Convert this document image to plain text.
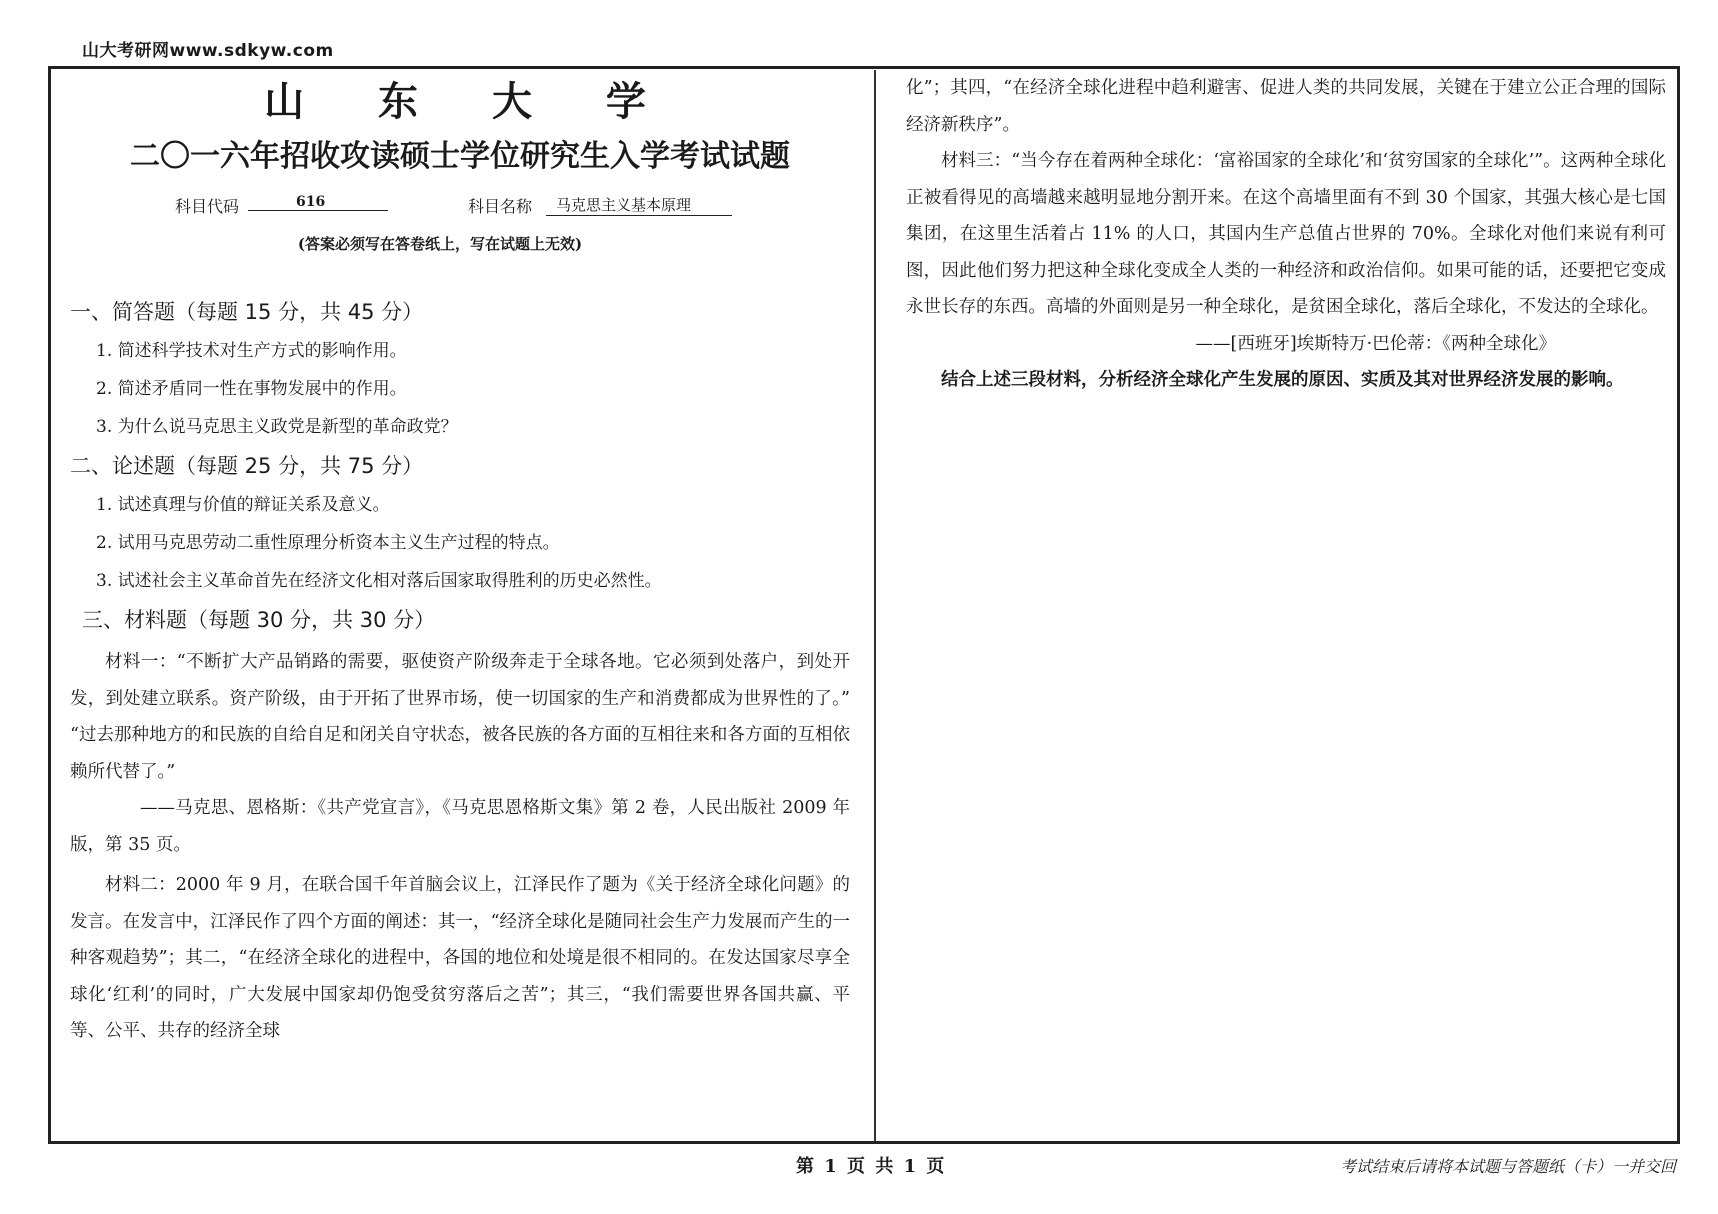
山大考研网www.sdkyw.com
山 东 大 学
二〇一六年招收攻读硕士学位研究生入学考试试题
科目代码	616	科目名称	马克思主义基本原理
(答案必须写在答卷纸上，写在试题上无效)
一、简答题（每题 15 分，共 45 分）
1. 简述科学技术对生产方式的影响作用。
2. 简述矛盾同一性在事物发展中的作用。
3. 为什么说马克思主义政党是新型的革命政党？
二、论述题（每题 25 分，共 75 分）
1. 试述真理与价值的辩证关系及意义。
2. 试用马克思劳动二重性原理分析资本主义生产过程的特点。
3. 试述社会主义革命首先在经济文化相对落后国家取得胜利的历史必然性。
三、材料题（每题 30 分，共 30 分）

材料一：“不断扩大产品销路的需要，驱使资产阶级奔走于全球各地。它必须到处落户，到处开发，到处建立联系。资产阶级，由于开拓了世界市场，使一切国家的生产和消费都成为世界性的了。” “过去那种地方的和民族的自给自足和闭关自守状态，被各民族的各方面的互相往来和各方面的互相依赖所代替了。”

——马克思、恩格斯：《共产党宣言》，《马克思恩格斯文集》第 2 卷，人民出版社 2009 年版，第 35 页。

材料二：2000 年 9 月，在联合国千年首脑会议上，江泽民作了题为《关于经济全球化问题》的发言。在发言中，江泽民作了四个方面的阐述：其一，“经济全球化是随同社会生产力发展而产生的一种客观趋势”；其二，“在经济全球化的进程中，各国的地位和处境是很不相同的。在发达国家尽享全球化‘红利’的同时，广大发展中国家却仍饱受贫穷落后之苦”；其三，“我们需要世界各国共赢、平等、公平、共存的经济全球

化”；其四，“在经济全球化进程中趋利避害、促进人类的共同发展，关键在于建立公正合理的国际经济新秩序”。

材料三：“当今存在着两种全球化：‘富裕国家的全球化’和‘贫穷国家的全球化’”。这两种全球化正被看得见的高墙越来越明显地分割开来。在这个高墙里面有不到 30 个国家，其强大核心是七国集团，在这里生活着占 11% 的人口，其国内生产总值占世界的 70%。全球化对他们来说有利可图，因此他们努力把这种全球化变成全人类的一种经济和政治信仰。如果可能的话，还要把它变成永世长存的东西。高墙的外面则是另一种全球化，是贫困全球化，落后全球化，不发达的全球化。

——[西班牙]埃斯特万·巴伦蒂：《两种全球化》

结合上述三段材料，分析经济全球化产生发展的原因、实质及其对世界经济发展的影响。

第 1 页 共 1 页	考试结束后请将本试题与答题纸（卡）一并交回
